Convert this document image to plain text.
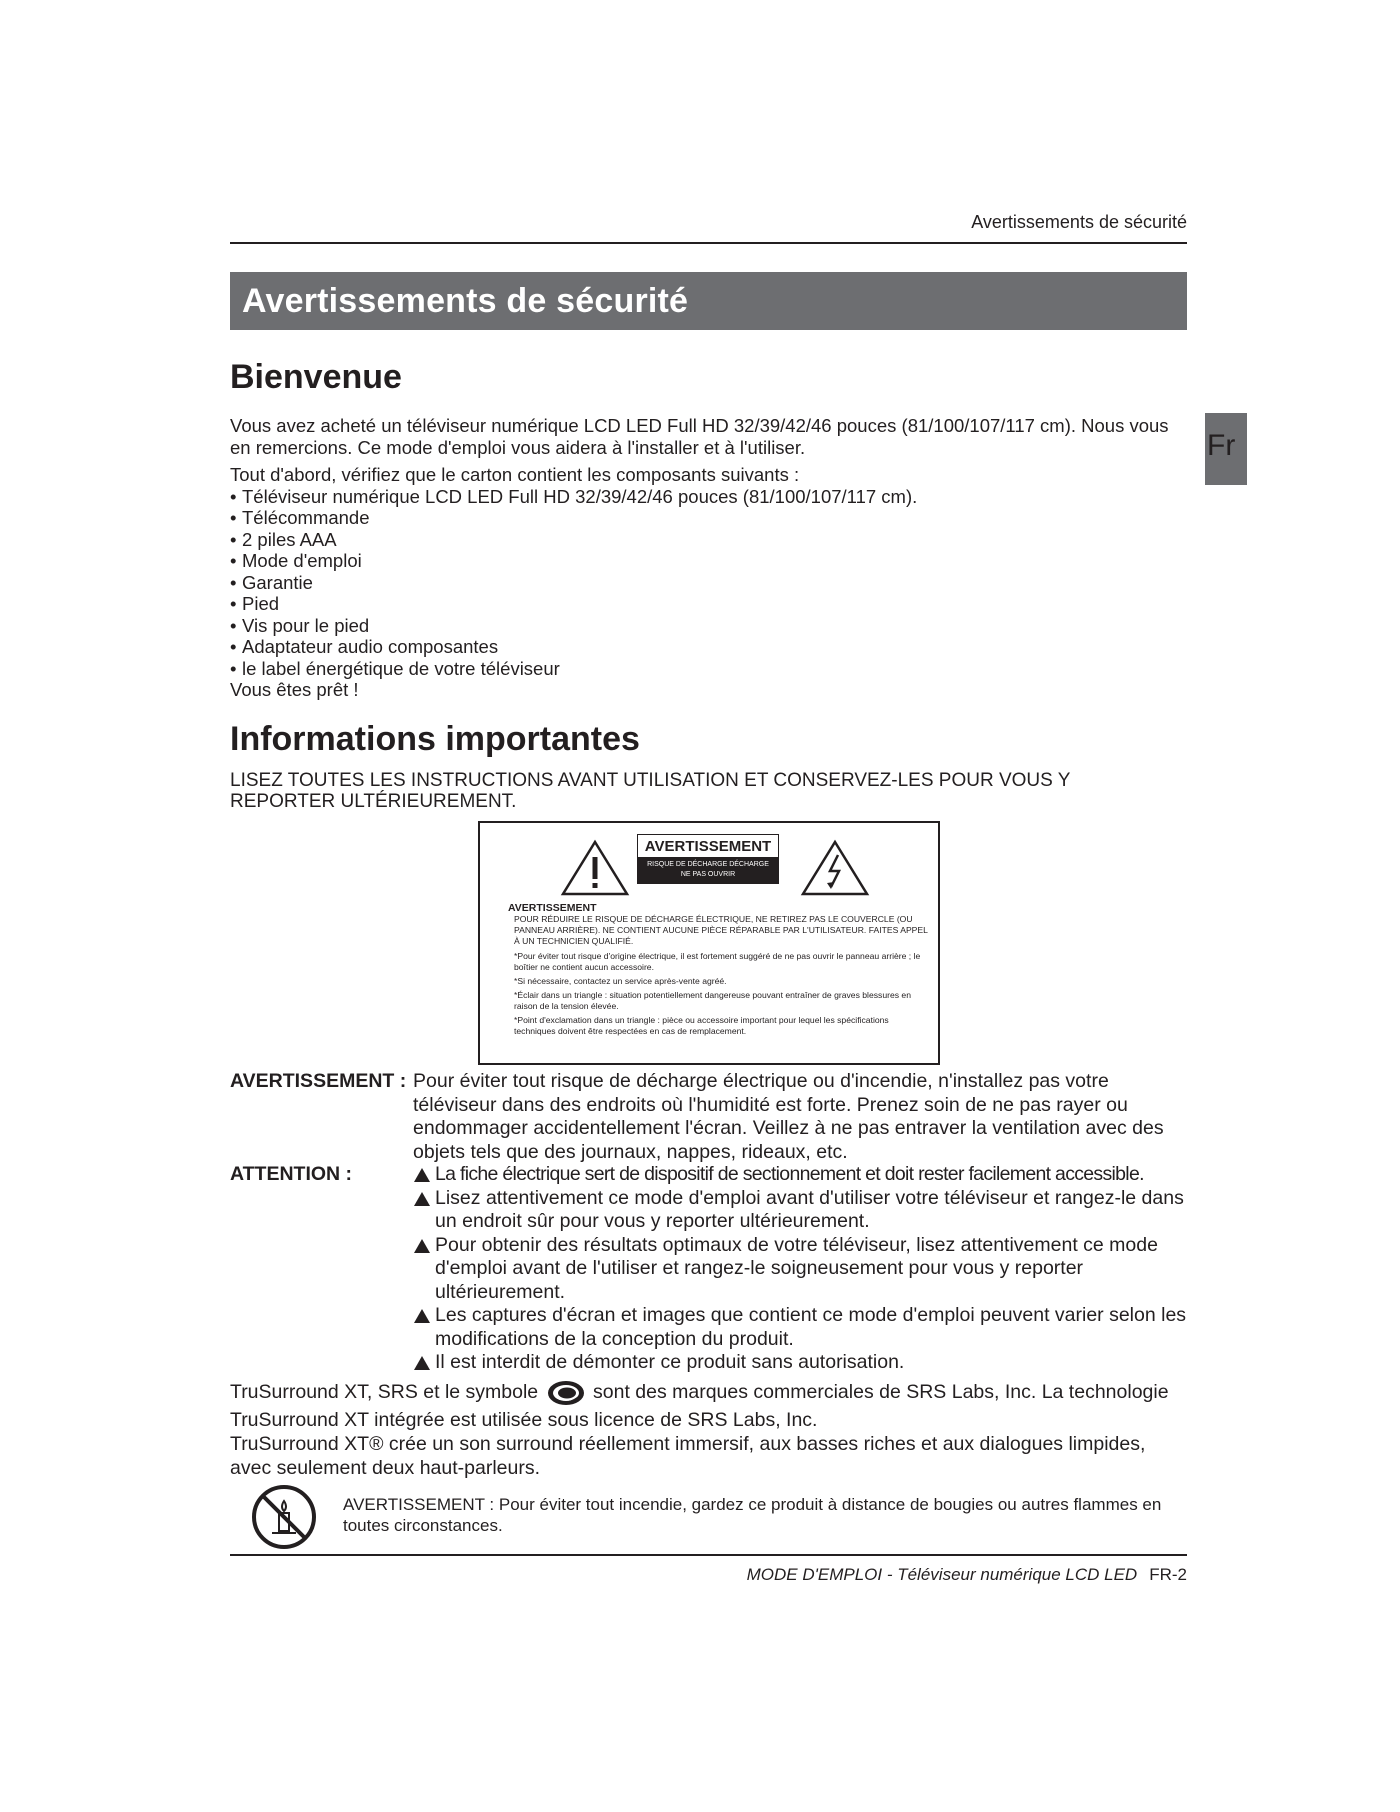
Fr
Avertissements de sécurité
Avertissements de sécurité
Bienvenue

Vous avez acheté un téléviseur numérique LCD LED Full HD 32/39/42/46 pouces (81/100/107/117 cm). Nous vous en remercions. Ce mode d'emploi vous aidera à l'installer et à l'utiliser.

Tout d'abord, vérifiez que le carton contient les composants suivants :

• Téléviseur numérique LCD LED Full HD 32/39/42/46 pouces (81/100/107/117 cm).
• Télécommande
• 2 piles AAA
• Mode d'emploi
• Garantie
• Pied
• Vis pour le pied
• Adaptateur audio composantes
• le label énergétique de votre téléviseur

Vous êtes prêt !

Informations importantes
LISEZ TOUTES LES INSTRUCTIONS AVANT UTILISATION ET CONSERVEZ-LES POUR VOUS Y REPORTER ULTÉRIEUREMENT.
AVERTISSEMENT
RISQUE DE DÉCHARGE DÉCHARGE NE PAS OUVRIR
AVERTISSEMENT
POUR RÉDUIRE LE RISQUE DE DÉCHARGE ÉLECTRIQUE, NE RETIREZ PAS LE COUVERCLE (OU PANNEAU ARRIÈRE). NE CONTIENT AUCUNE PIÈCE RÉPARABLE PAR L'UTILISATEUR. FAITES APPEL À UN TECHNICIEN QUALIFIÉ.
*Pour éviter tout risque d'origine électrique, il est fortement suggéré de ne pas ouvrir le panneau arrière ; le boîtier ne contient aucun accessoire.
*Si nécessaire, contactez un service après-vente agréé.
*Éclair dans un triangle : situation potentiellement dangereuse pouvant entraîner de graves blessures en raison de la tension élevée.
*Point d'exclamation dans un triangle : pièce ou accessoire important pour lequel les spécifications techniques doivent être respectées en cas de remplacement.
AVERTISSEMENT : Pour éviter tout risque de décharge électrique ou d'incendie, n'installez pas votre téléviseur dans des endroits où l'humidité est forte. Prenez soin de ne pas rayer ou endommager accidentellement l'écran. Veillez à ne pas entraver la ventilation avec des objets tels que des journaux, nappes, rideaux, etc.
ATTENTION :	La fiche électrique sert de dispositif de sectionnement et doit rester facilement accessible.
Lisez attentivement ce mode d'emploi avant d'utiliser votre téléviseur et rangez-le dans un endroit sûr pour vous y reporter ultérieurement.
Pour obtenir des résultats optimaux de votre téléviseur, lisez attentivement ce mode d'emploi avant de l'utiliser et rangez-le soigneusement pour vous y reporter ultérieurement.
Les captures d'écran et images que contient ce mode d'emploi peuvent varier selon les modifications de la conception du produit.
Il est interdit de démonter ce produit sans autorisation.
TruSurround XT, SRS et le symbole	sont des marques commerciales de SRS Labs, Inc. La technologie TruSurround XT intégrée est utilisée sous licence de SRS Labs, Inc.
TruSurround XT® crée un son surround réellement immersif, aux basses riches et aux dialogues limpides, avec seulement deux haut-parleurs.
AVERTISSEMENT : Pour éviter tout incendie, gardez ce produit à distance de bougies ou autres flammes en toutes circonstances.
MODE D'EMPLOI - Téléviseur numérique LCD LED FR-2
